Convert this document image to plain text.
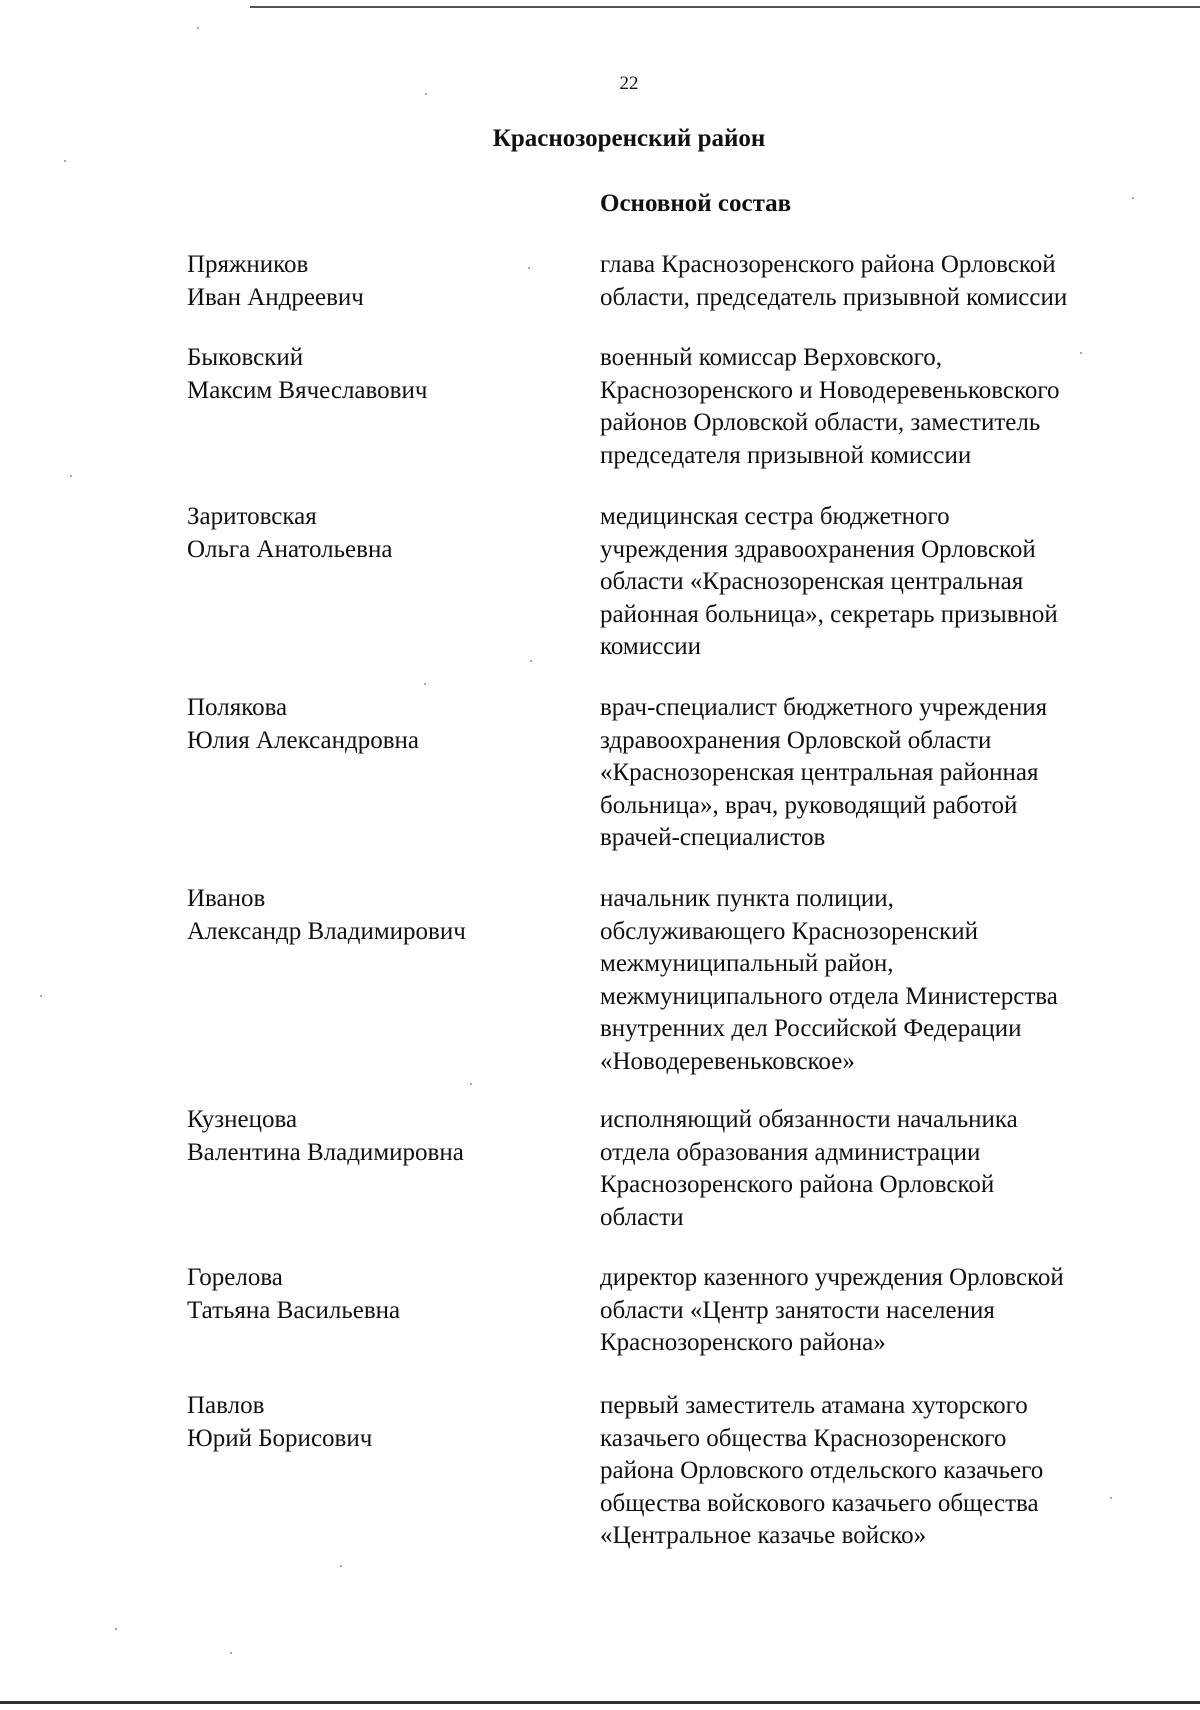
22
Краснозоренский район
Основной состав
Пряжников
Иван Андреевич
глава Краснозоренского района Орловской
области, председатель призывной комиссии
Быковский
Максим Вячеславович
военный комиссар Верховского,
Краснозоренского и Новодеревеньковского
районов Орловской области, заместитель
председателя призывной комиссии
Заритовская
Ольга Анатольевна
медицинская сестра бюджетного
учреждения здравоохранения Орловской
области «Краснозоренская центральная
районная больница», секретарь призывной
комиссии
Полякова
Юлия Александровна
врач-специалист бюджетного учреждения
здравоохранения Орловской области
«Краснозоренская центральная районная
больница», врач, руководящий работой
врачей-специалистов
Иванов
Александр Владимирович
начальник пункта полиции,
обслуживающего Краснозоренский
межмуниципальный район,
межмуниципального отдела Министерства
внутренних дел Российской Федерации
«Новодеревеньковское»
Кузнецова
Валентина Владимировна
исполняющий обязанности начальника
отдела образования администрации
Краснозоренского района Орловской
области
Горелова
Татьяна Васильевна
директор казенного учреждения Орловской
области «Центр занятости населения
Краснозоренского района»
Павлов
Юрий Борисович
первый заместитель атамана хуторского
казачьего общества Краснозоренского
района Орловского отдельского казачьего
общества войскового казачьего общества
«Центральное казачье войско»
